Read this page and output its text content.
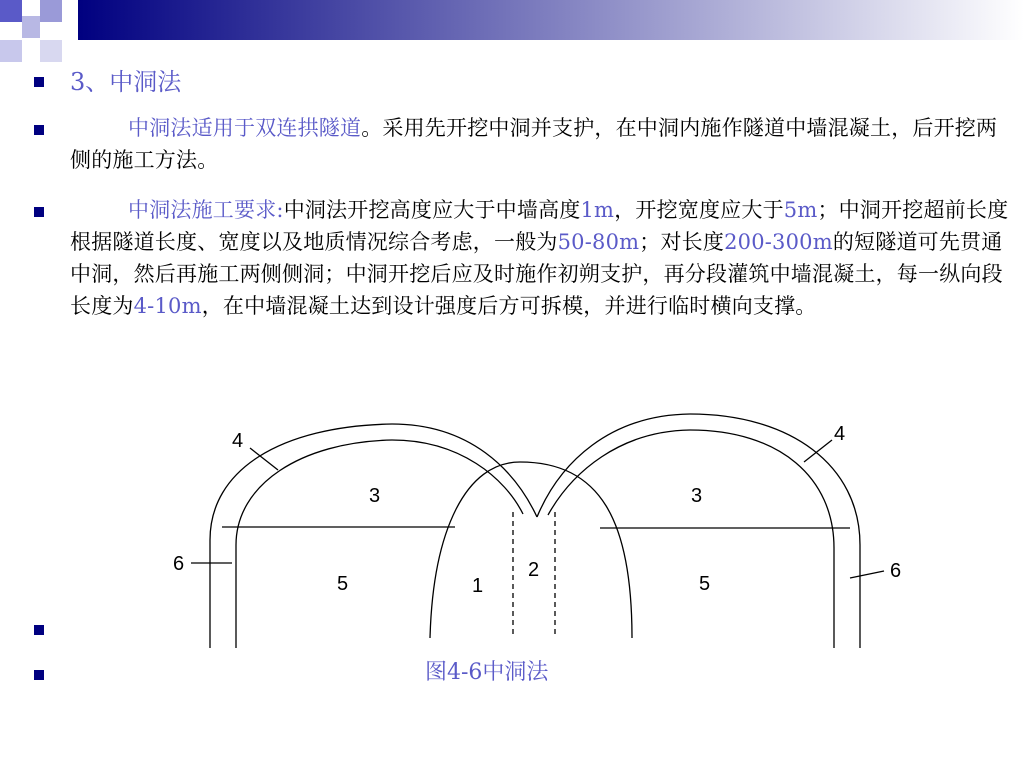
3、中洞法
中洞法适用于双连拱隧道。采用先开挖中洞并支护，在中洞内施作隧道中墙混凝土，后开挖两侧的施工方法。
中洞法施工要求:中洞法开挖高度应大于中墙高度1m，开挖宽度应大于5m；中洞开挖超前长度根据隧道长度、宽度以及地质情况综合考虑，一般为50-80m；对长度200-300m的短隧道可先贯通中洞，然后再施工两侧侧洞；中洞开挖后应及时施作初朔支护，再分段灌筑中墙混凝土，每一纵向段长度为4-10m，在中墙混凝土达到设计强度后方可拆模，并进行临时横向支撑。
4	4
3	3
6	6
5	5
1
2
图4-6中洞法
